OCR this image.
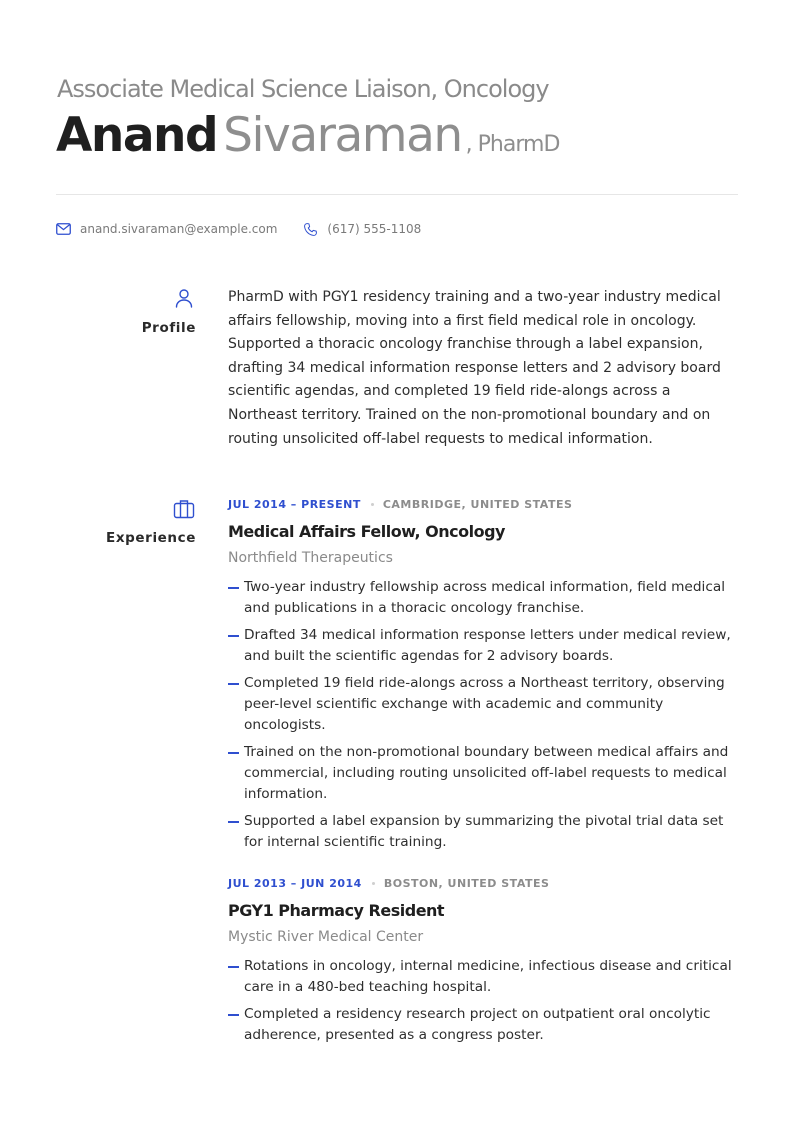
Associate Medical Science Liaison, Oncology
Anand Sivaraman , PharmD
anand.sivaraman@example.com	(617) 555-1108
Profile

PharmD with PGY1 residency training and a two-year industry medical affairs fellowship, moving into a first field medical role in oncology. Supported a thoracic oncology franchise through a label expansion, drafting 34 medical information response letters and 2 advisory board scientific agendas, and completed 19 field ride-alongs across a Northeast territory. Trained on the non-promotional boundary and on routing unsolicited off-label requests to medical information.

Experience
JUL 2014 – PRESENT CAMBRIDGE, UNITED STATES
Medical Affairs Fellow, Oncology
Northfield Therapeutics
Two-year industry fellowship across medical information, field medical and publications in a thoracic oncology franchise.
Drafted 34 medical information response letters under medical review, and built the scientific agendas for 2 advisory boards.
Completed 19 field ride-alongs across a Northeast territory, observing peer-level scientific exchange with academic and community oncologists.
Trained on the non-promotional boundary between medical affairs and commercial, including routing unsolicited off-label requests to medical information.
Supported a label expansion by summarizing the pivotal trial data set for internal scientific training.
JUL 2013 – JUN 2014 BOSTON, UNITED STATES
PGY1 Pharmacy Resident
Mystic River Medical Center
Rotations in oncology, internal medicine, infectious disease and critical care in a 480-bed teaching hospital.
Completed a residency research project on outpatient oral oncolytic adherence, presented as a congress poster.
